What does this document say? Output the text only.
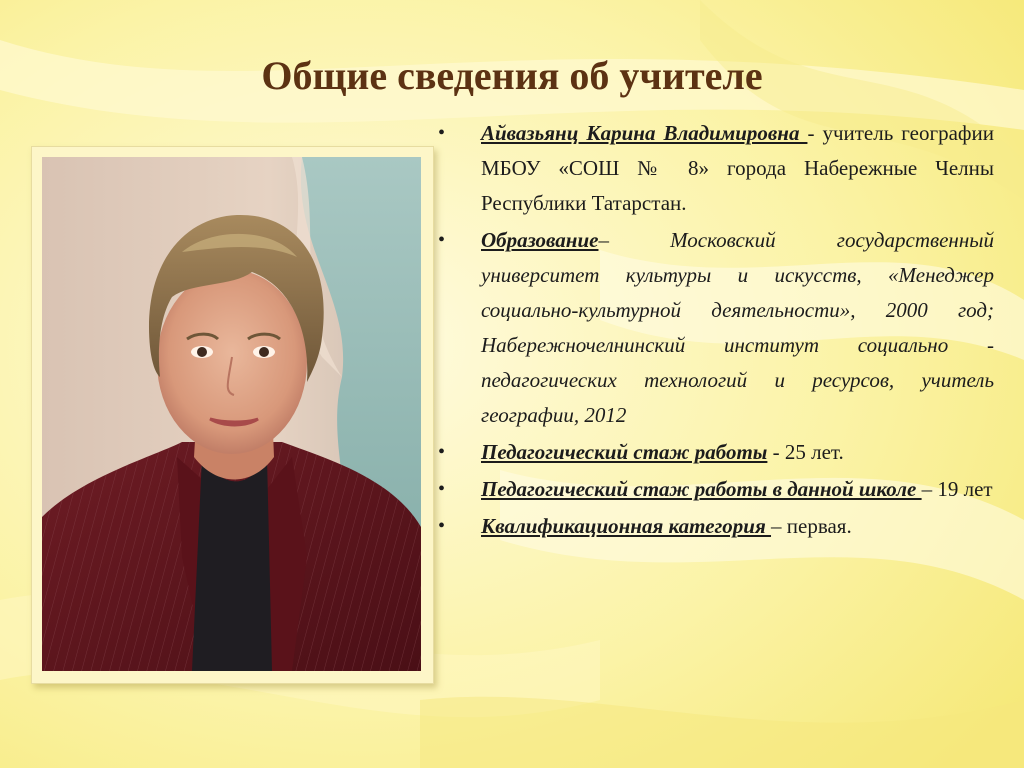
Общие сведения об учителе
• Айвазьянц Карина Владимировна - учитель географии МБОУ «СОШ № 8» города Набережные Челны Республики Татарстан.
• Образование– Московский государственный университет культуры и искусств, «Менеджер социально-культурной деятельности», 2000 год; Набережночелнинский институт социально - педагогических технологий и ресурсов, учитель географии, 2012
• Педагогический стаж работы - 25 лет.
• Педагогический стаж работы в данной школе – 19 лет
• Квалификационная категория – первая.
